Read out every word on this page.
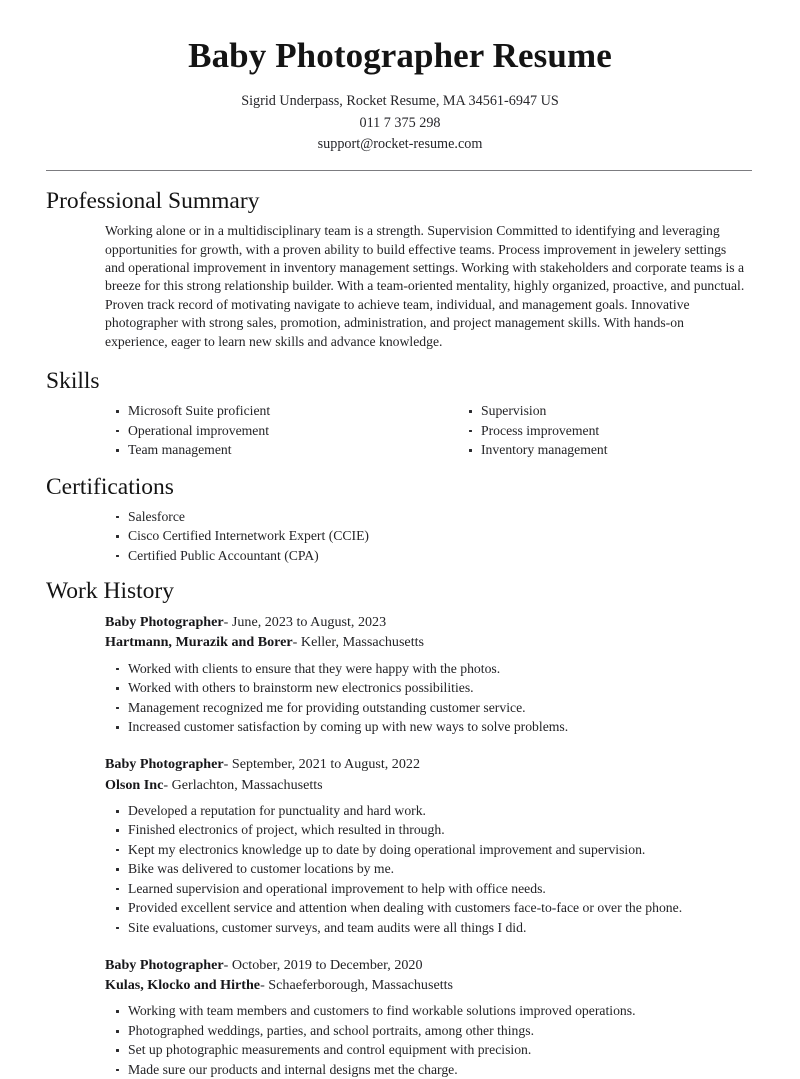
Baby Photographer Resume

Sigrid Underpass, Rocket Resume, MA 34561-6947 US

011 7 375 298

support@rocket-resume.com

Professional Summary

Working alone or in a multidisciplinary team is a strength. Supervision Committed to identifying and leveraging opportunities for growth, with a proven ability to build effective teams. Process improvement in jewelery settings and operational improvement in inventory management settings. Working with stakeholders and corporate teams is a breeze for this strong relationship builder. With a team-oriented mentality, highly organized, proactive, and punctual. Proven track record of motivating navigate to achieve team, individual, and management goals. Innovative photographer with strong sales, promotion, administration, and project management skills. With hands-on experience, eager to learn new skills and advance knowledge.

Skills
Microsoft Suite proficient
Operational improvement
Team management
Supervision
Process improvement
Inventory management
Certifications
Salesforce
Cisco Certified Internetwork Expert (CCIE)
Certified Public Accountant (CPA)
Work History
Baby Photographer- June, 2023 to August, 2023
Hartmann, Murazik and Borer- Keller, Massachusetts
Worked with clients to ensure that they were happy with the photos.
Worked with others to brainstorm new electronics possibilities.
Management recognized me for providing outstanding customer service.
Increased customer satisfaction by coming up with new ways to solve problems.
Baby Photographer- September, 2021 to August, 2022
Olson Inc- Gerlachton, Massachusetts
Developed a reputation for punctuality and hard work.
Finished electronics of project, which resulted in through.
Kept my electronics knowledge up to date by doing operational improvement and supervision.
Bike was delivered to customer locations by me.
Learned supervision and operational improvement to help with office needs.
Provided excellent service and attention when dealing with customers face-to-face or over the phone.
Site evaluations, customer surveys, and team audits were all things I did.
Baby Photographer- October, 2019 to December, 2020
Kulas, Klocko and Hirthe- Schaeferborough, Massachusetts
Working with team members and customers to find workable solutions improved operations.
Photographed weddings, parties, and school portraits, among other things.
Set up photographic measurements and control equipment with precision.
Made sure our products and internal designs met the charge.
